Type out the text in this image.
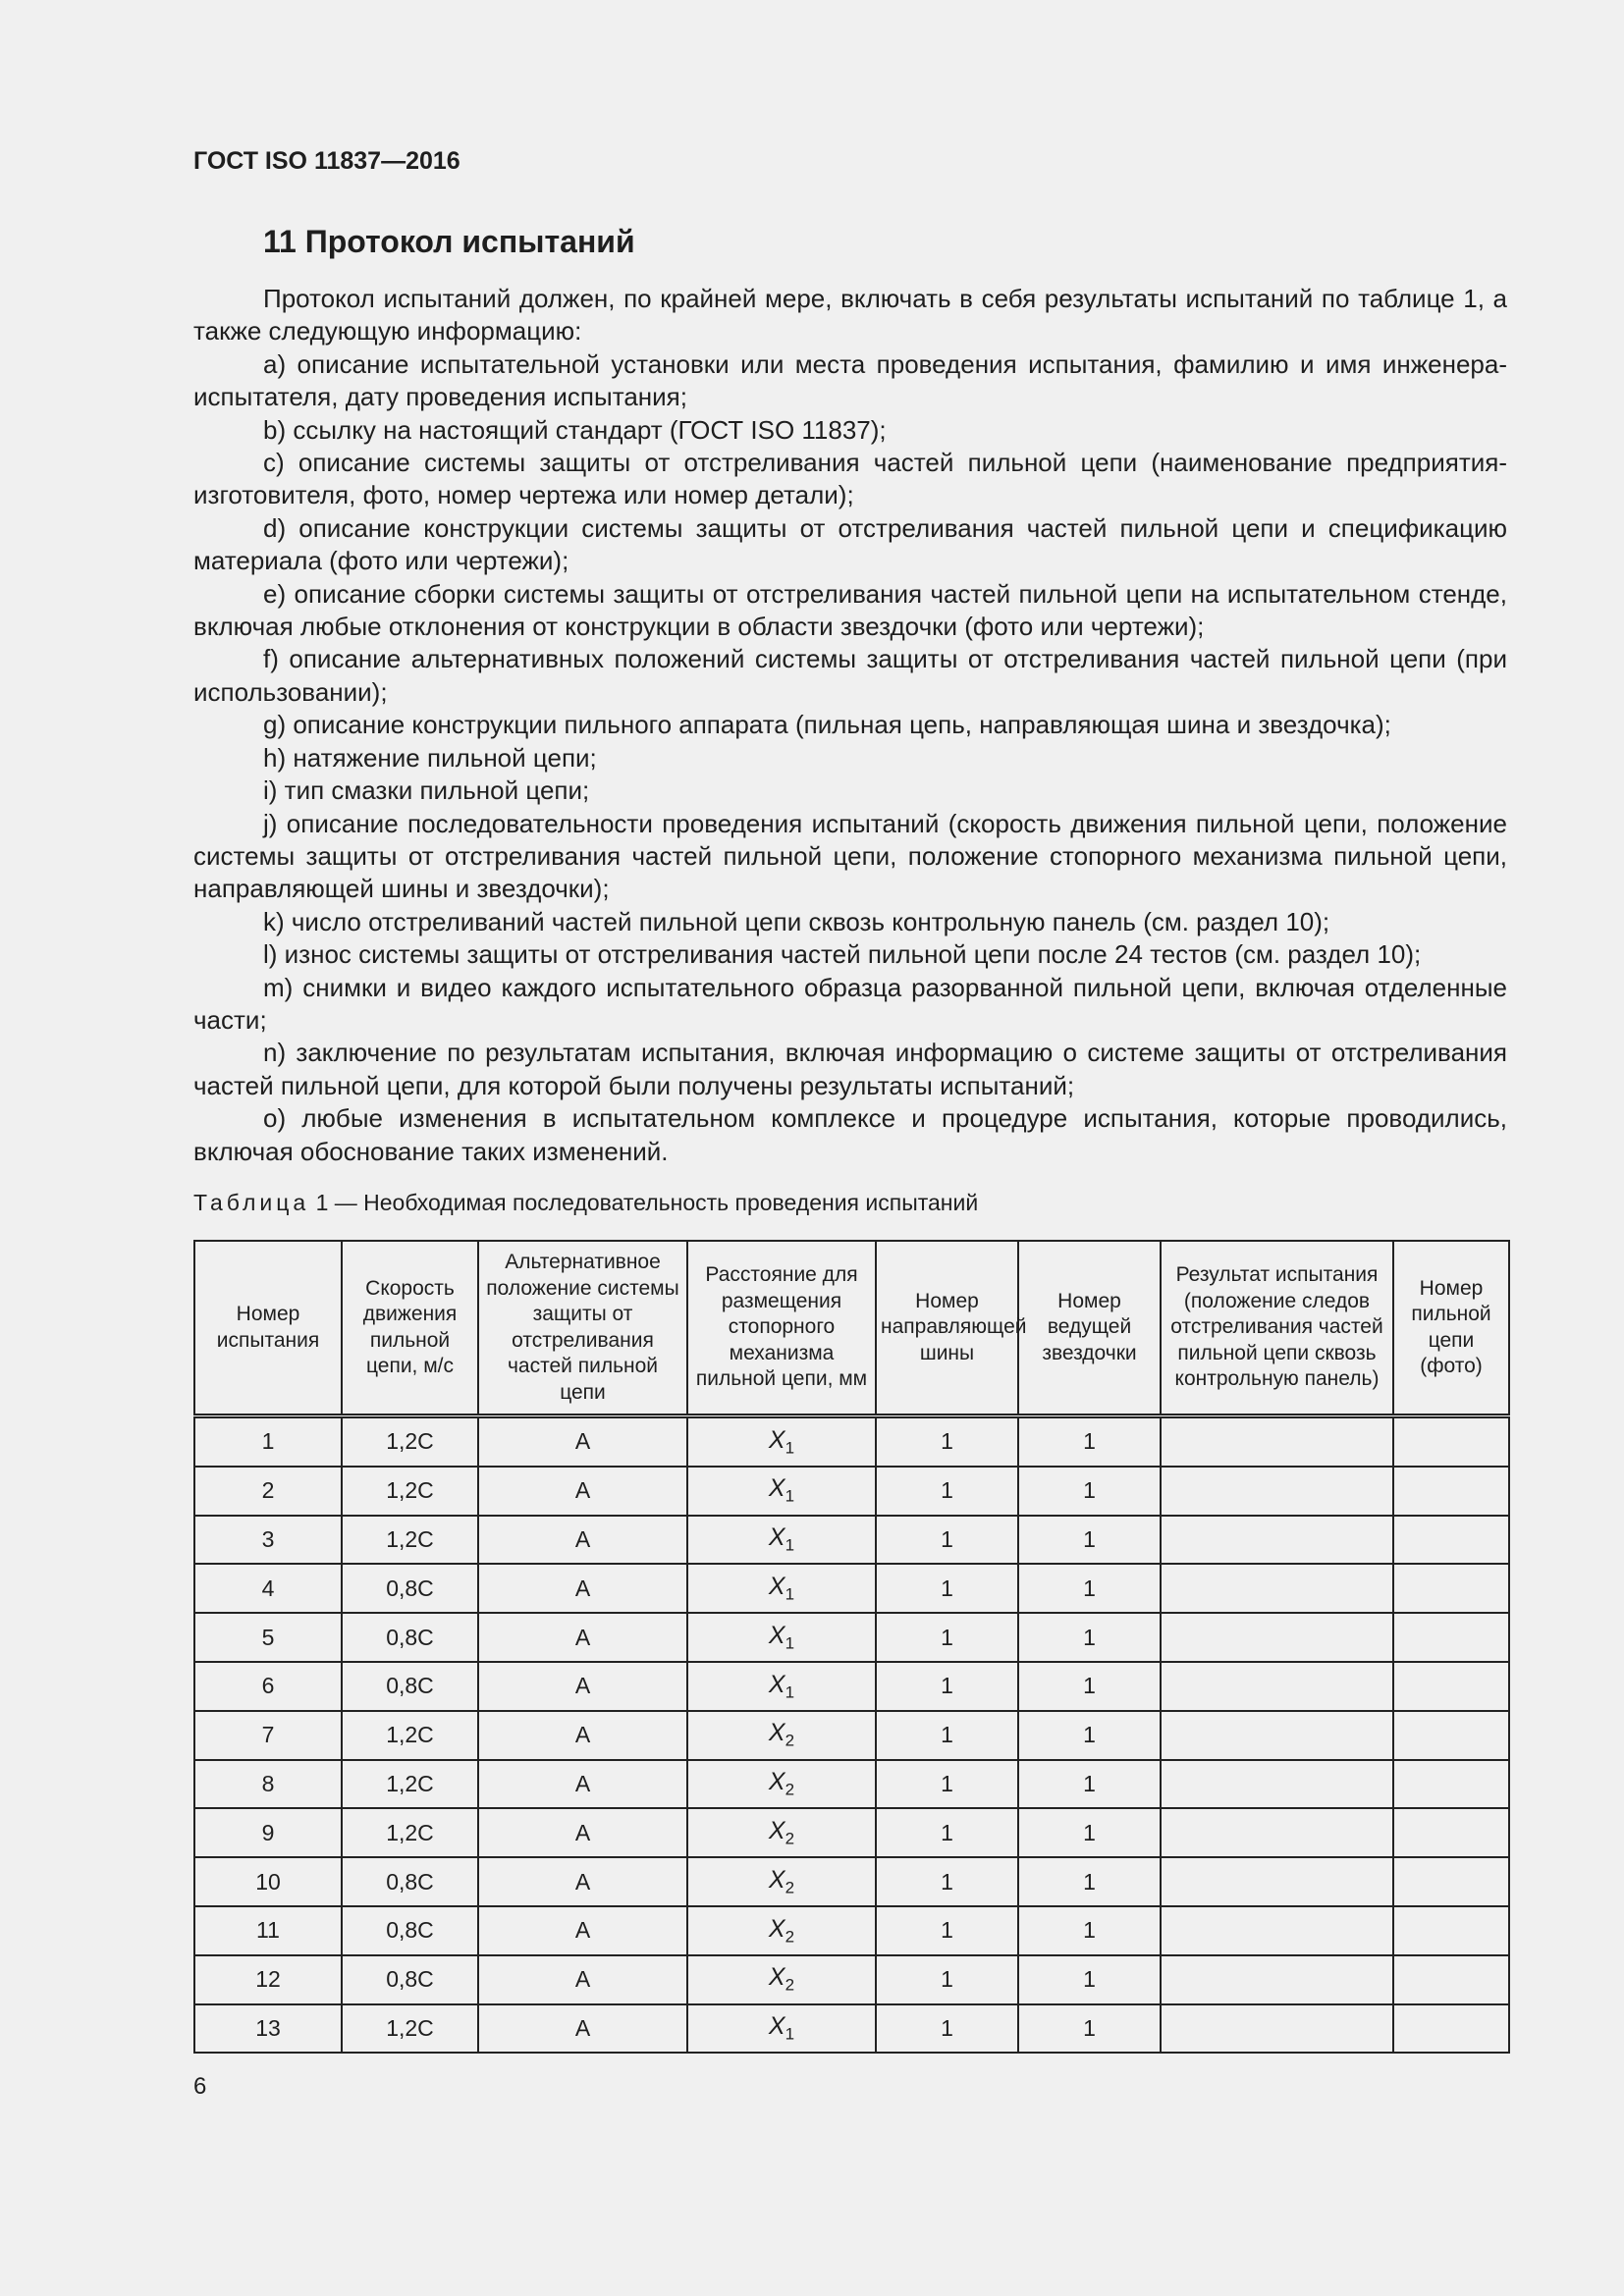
ГОСТ ISO 11837—2016
11 Протокол испытаний

Протокол испытаний должен, по крайней мере, включать в себя результаты испытаний по таблице 1, а также следующую информацию:

a) описание испытательной установки или места проведения испытания, фамилию и имя инженера-испытателя, дату проведения испытания;

b) ссылку на настоящий стандарт (ГОСТ ISO 11837);

c) описание системы защиты от отстреливания частей пильной цепи (наименование предприятия-изготовителя, фото, номер чертежа или номер детали);

d) описание конструкции системы защиты от отстреливания частей пильной цепи и спецификацию материала (фото или чертежи);

e) описание сборки системы защиты от отстреливания частей пильной цепи на испытательном стенде, включая любые отклонения от конструкции в области звездочки (фото или чертежи);

f) описание альтернативных положений системы защиты от отстреливания частей пильной цепи (при использовании);

g) описание конструкции пильного аппарата (пильная цепь, направляющая шина и звездочка);

h) натяжение пильной цепи;

i) тип смазки пильной цепи;

j) описание последовательности проведения испытаний (скорость движения пильной цепи, положение системы защиты от отстреливания частей пильной цепи, положение стопорного механизма пильной цепи, направляющей шины и звездочки);

k) число отстреливаний частей пильной цепи сквозь контрольную панель (см. раздел 10);

l) износ системы защиты от отстреливания частей пильной цепи после 24 тестов (см. раздел 10);

m) снимки и видео каждого испытательного образца разорванной пильной цепи, включая отделенные части;

n) заключение по результатам испытания, включая информацию о системе защиты от отстреливания частей пильной цепи, для которой были получены результаты испытаний;

o) любые изменения в испытательном комплексе и процедуре испытания, которые проводились, включая обоснование таких изменений.

Таблица 1 — Необходимая последовательность проведения испытаний
Номер испытания	Скорость движения пильной цепи, м/с	Альтернативное положение системы защиты от отстреливания частей пильной цепи	Расстояние для размещения стопорного механизма пильной цепи, мм	Номер направляющей шины	Номер ведущей звездочки	Результат испытания (положение следов отстреливания частей пильной цепи сквозь контрольную панель)	Номер пильной цепи (фото)
1	1,2C	A	$X_1$	1	1		
2	1,2C	A	$X_1$	1	1		
3	1,2C	A	$X_1$	1	1		
4	0,8C	A	$X_1$	1	1		
5	0,8C	A	$X_1$	1	1		
6	0,8C	A	$X_1$	1	1		
7	1,2C	A	$X_2$	1	1		
8	1,2C	A	$X_2$	1	1		
9	1,2C	A	$X_2$	1	1		
10	0,8C	A	$X_2$	1	1		
11	0,8C	A	$X_2$	1	1		
12	0,8C	A	$X_2$	1	1		
13	1,2C	A	$X_1$	1	1		
6
